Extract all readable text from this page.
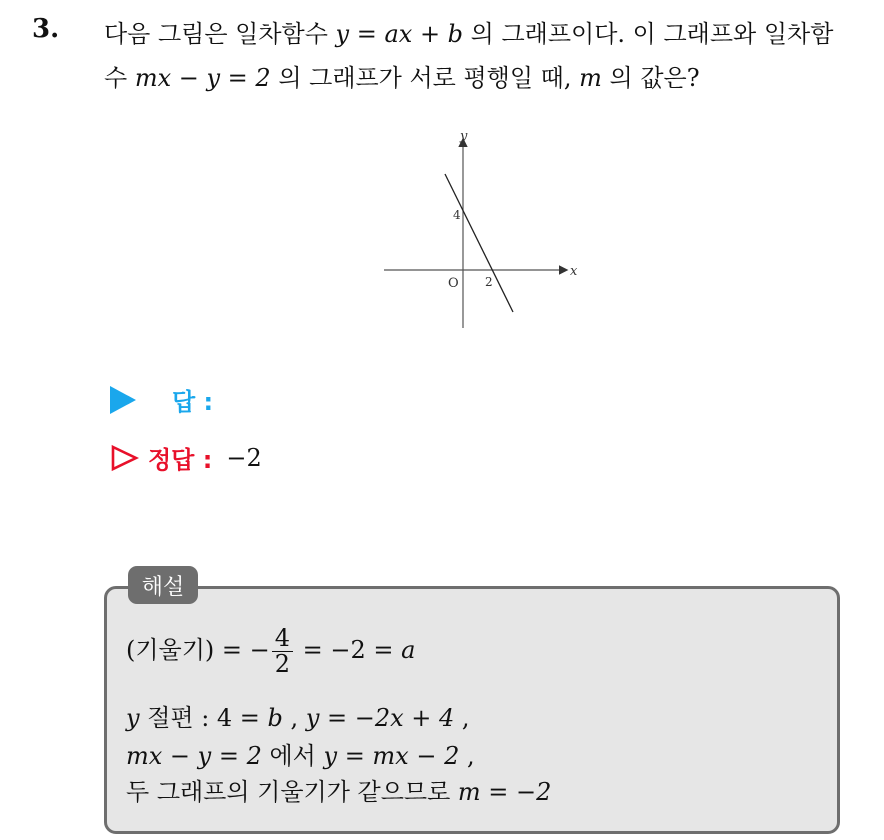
3. 다음 그림은 일차함수 y = ax + b 의 그래프이다. 이 그래프와 일차함
수 mx − y = 2 의 그래프가 서로 평행일 때, m 의 값은?
y
x
O
4
2
답 :
정답 : −2
해설
(기울기) = − $\frac{4}{2} = -2 = a$
y 절편 : 4 = b , y = −2x + 4 ,
mx − y = 2 에서 y = mx − 2 ,
두 그래프의 기울기가 같으므로 m = −2
